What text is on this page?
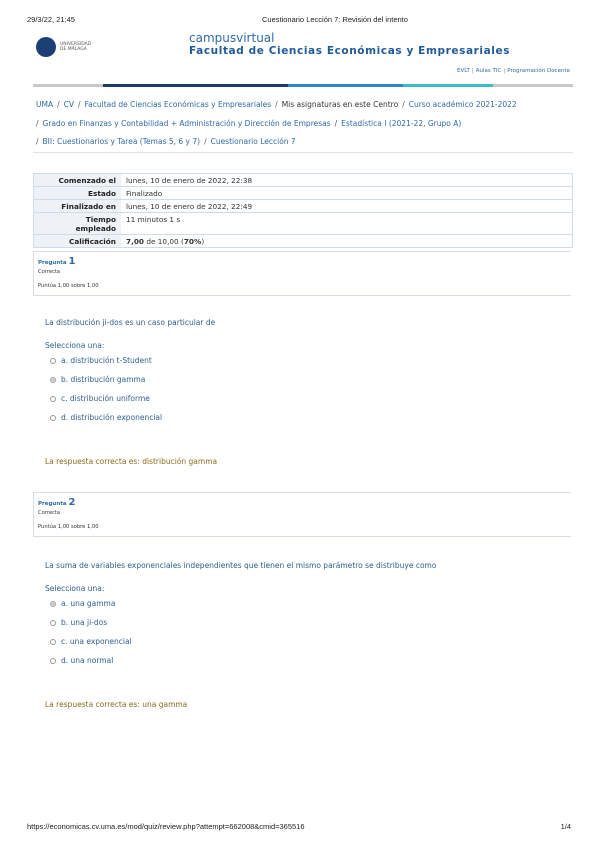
29/3/22, 21:45	Cuestionario Lección 7: Revisión del intento
UNIVERSIDAD
DE MÁLAGA
campusvirtual
Facultad de Ciencias Económicas y Empresariales
EVLT | Aulas TIC | Programación Docente
UMA / CV / Facultad de Ciencias Económicas y Empresariales / Mis asignaturas en este Centro / Curso académico 2021-2022
/ Grado en Finanzas y Contabilidad + Administración y Dirección de Empresas / Estadística I (2021-22, Grupo A)
/ BII: Cuestionarios y Tarea (Temas 5, 6 y 7) / Cuestionario Lección 7
Comenzado el	lunes, 10 de enero de 2022, 22:38
Estado	Finalizado
Finalizado en	lunes, 10 de enero de 2022, 22:49
Tiempo
empleado	11 minutos 1 s
Calificación	7,00 de 10,00 (70%)
Pregunta 1
Correcta
Puntúa 1,00 sobre 1,00
La distribución ji-dos es un caso particular de
Selecciona una:
a. distribución t-Student
b. distribución gamma
c. distribución uniforme
d. distribución exponencial
La respuesta correcta es: distribución gamma
Pregunta 2
Correcta
Puntúa 1,00 sobre 1,00
La suma de variables exponenciales independientes que tienen el mismo parámetro se distribuye como
Selecciona una:
a. una gamma
b. una ji-dos
c. una exponencial
d. una normal
La respuesta correcta es: una gamma
https://economicas.cv.uma.es/mod/quiz/review.php?attempt=662008&cmid=365516	1/4
